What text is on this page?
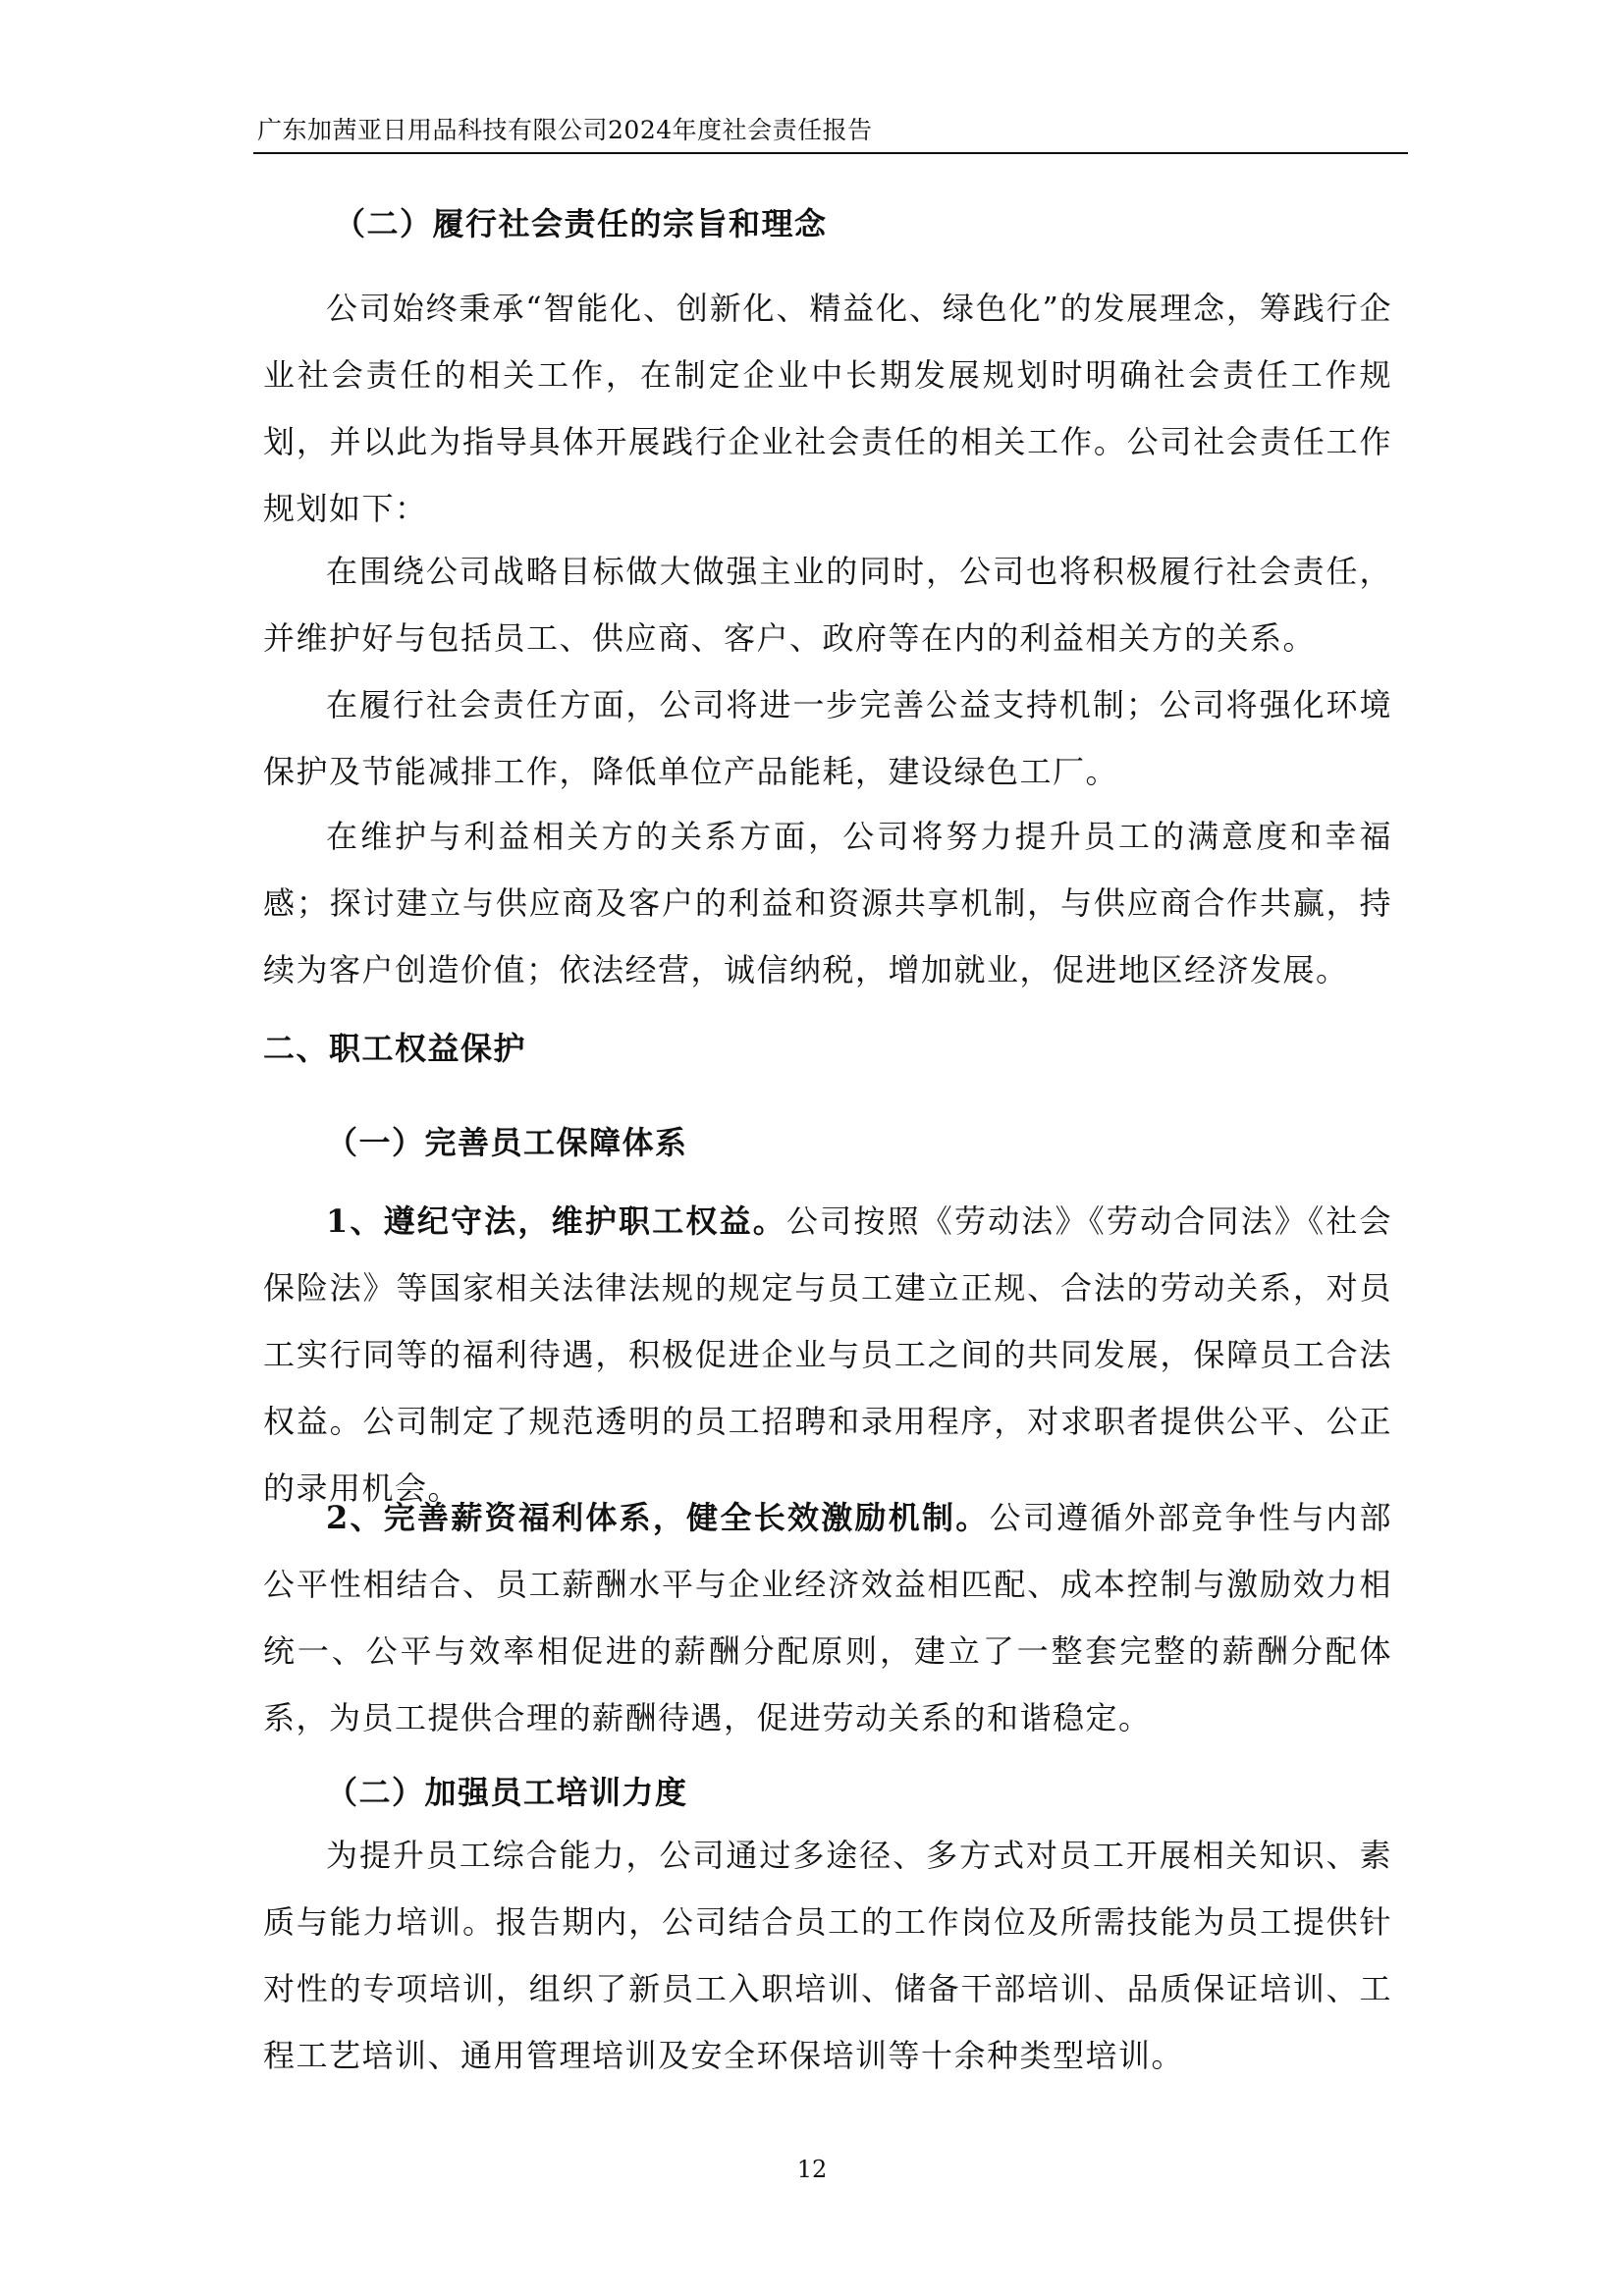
广东加茜亚日用品科技有限公司2024年度社会责任报告
（二）履行社会责任的宗旨和理念
公司始终秉承“智能化、创新化、精益化、绿色化”的发展理念，筹践行企业社会责任的相关工作，在制定企业中长期发展规划时明确社会责任工作规划，并以此为指导具体开展践行企业社会责任的相关工作。公司社会责任工作规划如下：
在围绕公司战略目标做大做强主业的同时，公司也将积极履行社会责任，并维护好与包括员工、供应商、客户、政府等在内的利益相关方的关系。
在履行社会责任方面，公司将进一步完善公益支持机制；公司将强化环境保护及节能减排工作，降低单位产品能耗，建设绿色工厂。
在维护与利益相关方的关系方面，公司将努力提升员工的满意度和幸福感；探讨建立与供应商及客户的利益和资源共享机制，与供应商合作共赢，持续为客户创造价值；依法经营，诚信纳税，增加就业，促进地区经济发展。
二、职工权益保护
（一）完善员工保障体系
1、遵纪守法，维护职工权益。公司按照《劳动法》《劳动合同法》《社会保险法》等国家相关法律法规的规定与员工建立正规、合法的劳动关系，对员工实行同等的福利待遇，积极促进企业与员工之间的共同发展，保障员工合法权益。公司制定了规范透明的员工招聘和录用程序，对求职者提供公平、公正的录用机会。
2、完善薪资福利体系，健全长效激励机制。公司遵循外部竞争性与内部公平性相结合、员工薪酬水平与企业经济效益相匹配、成本控制与激励效力相统一、公平与效率相促进的薪酬分配原则，建立了一整套完整的薪酬分配体系，为员工提供合理的薪酬待遇，促进劳动关系的和谐稳定。
（二）加强员工培训力度
为提升员工综合能力，公司通过多途径、多方式对员工开展相关知识、素质与能力培训。报告期内，公司结合员工的工作岗位及所需技能为员工提供针对性的专项培训，组织了新员工入职培训、储备干部培训、品质保证培训、工程工艺培训、通用管理培训及安全环保培训等十余种类型培训。
12
